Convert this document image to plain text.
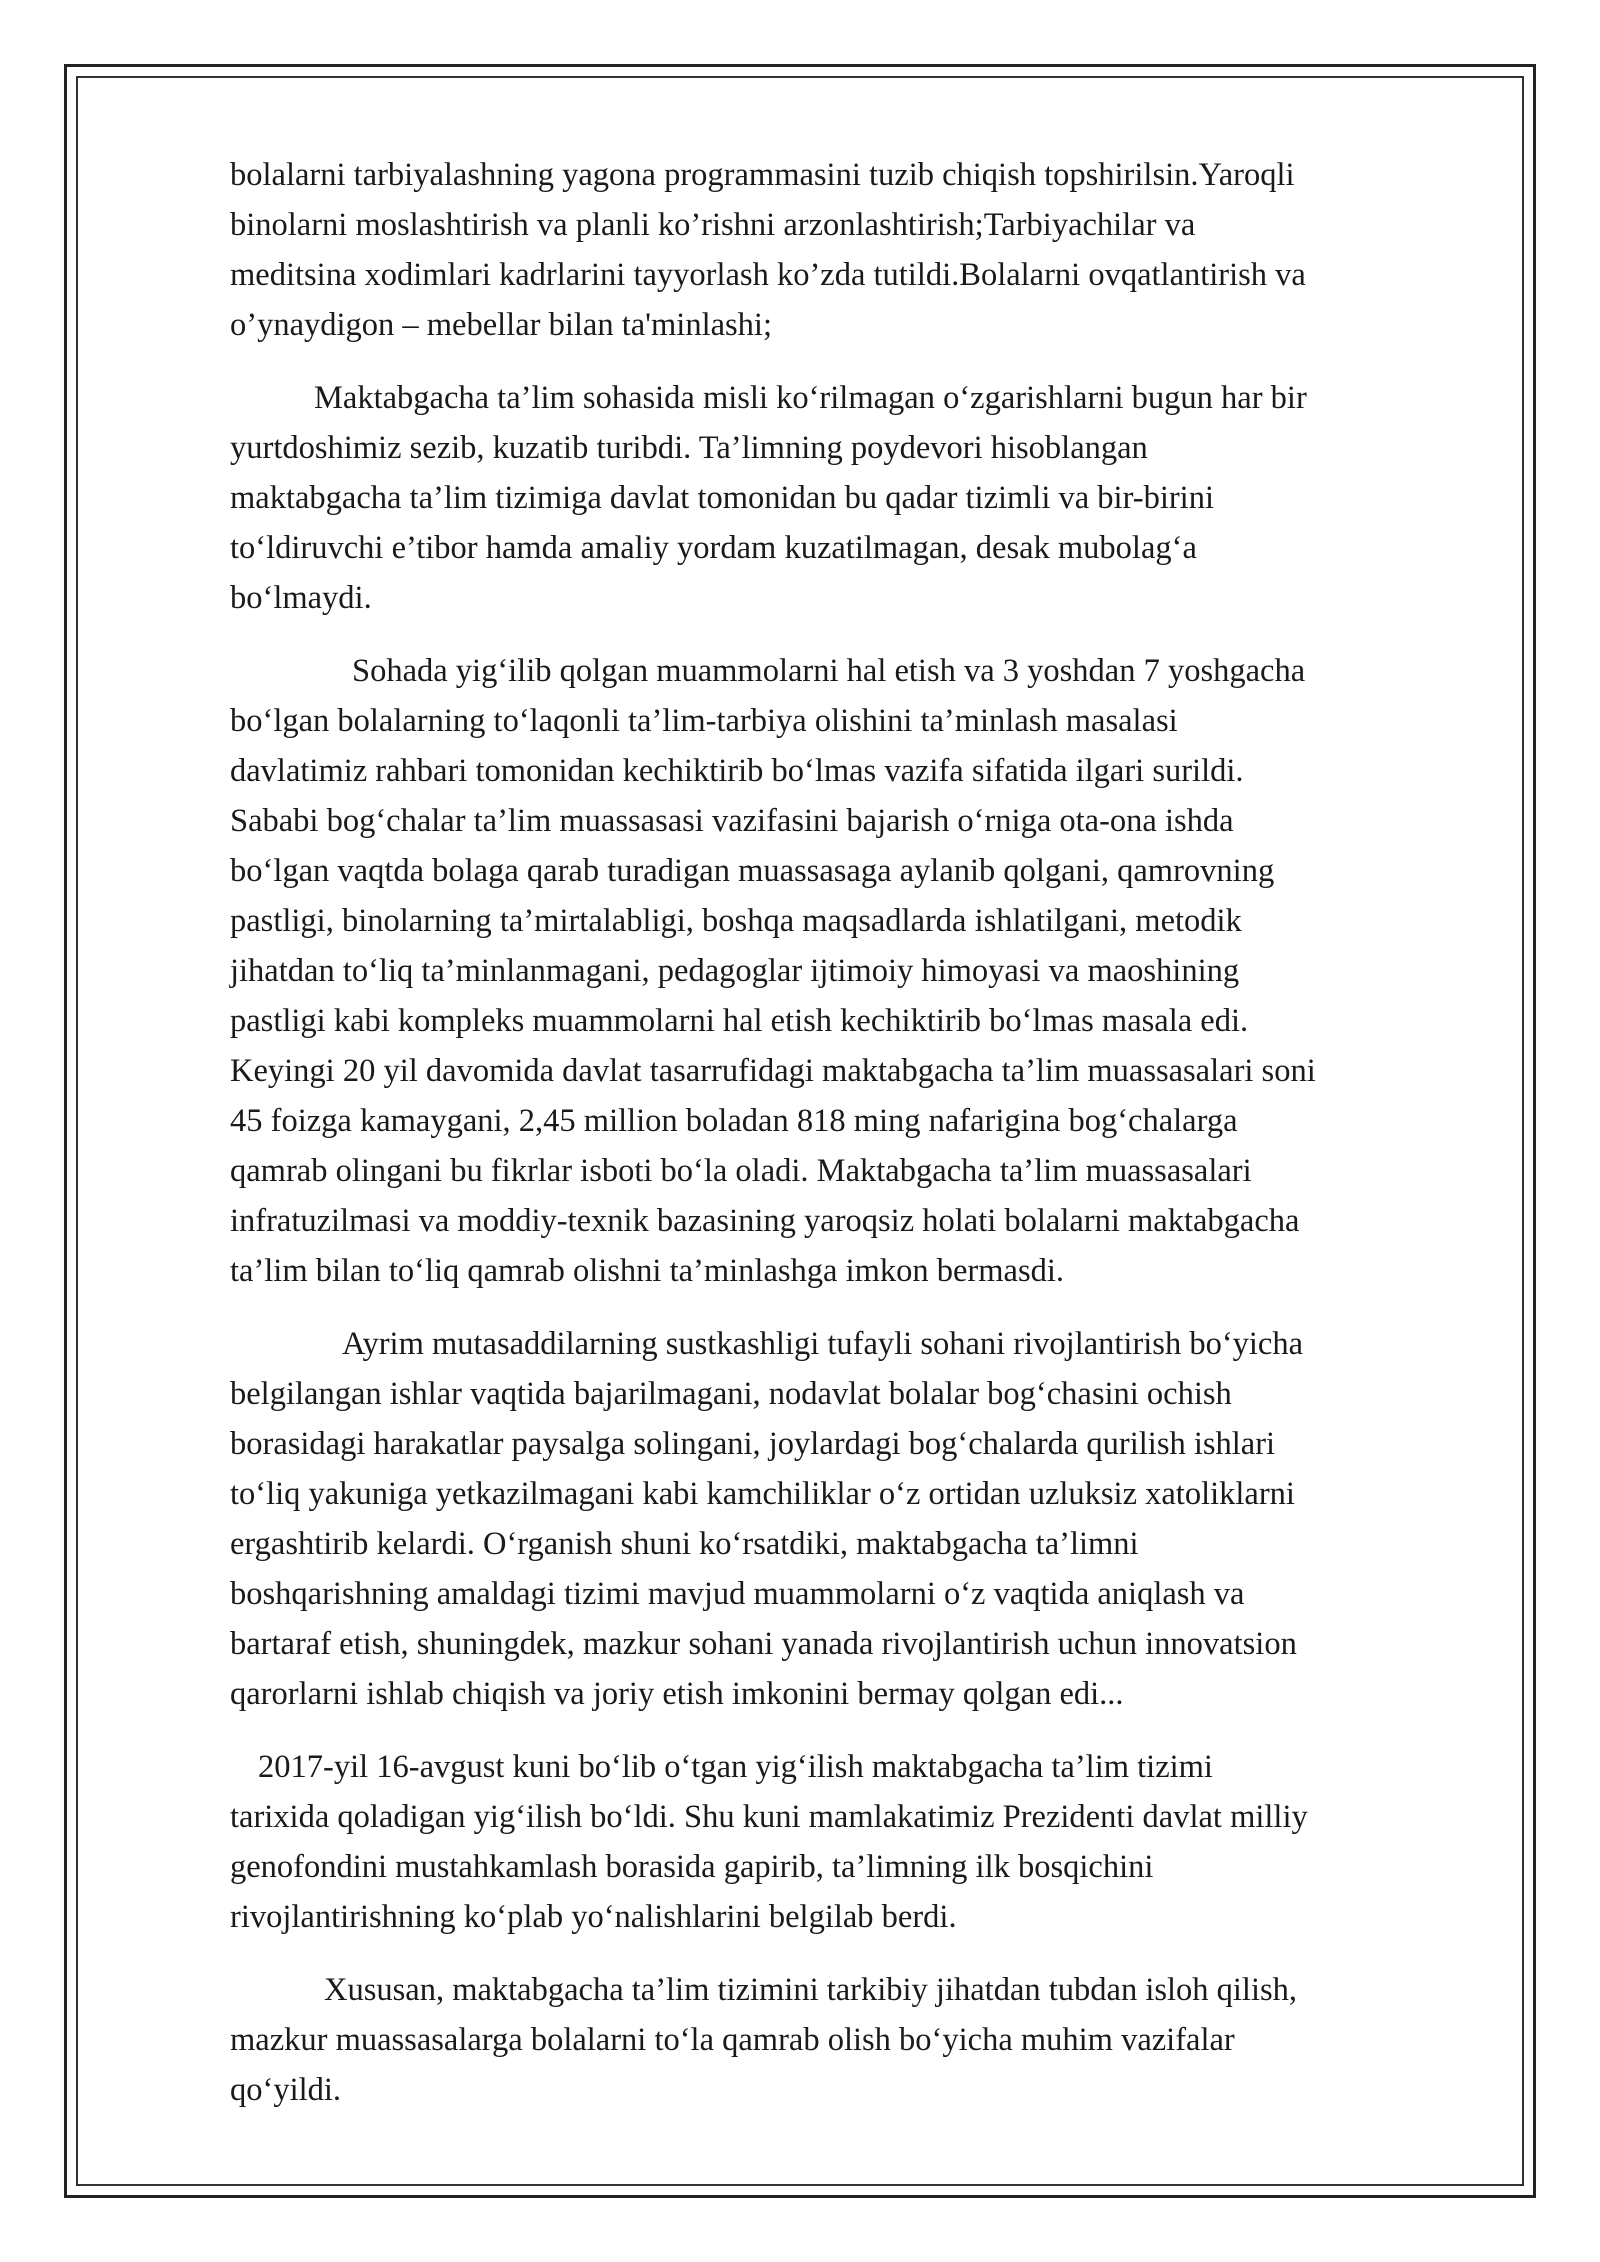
bolalarni tarbiyalashning yagona programmasini tuzib chiqish topshirilsin.Yaroqli
binolarni moslashtirish va planli ko’rishni arzonlashtirish;Tarbiyachilar va
meditsina xodimlari kadrlarini tayyorlash ko’zda tutildi.Bolalarni ovqatlantirish va
o’ynaydigon – mebellar bilan ta'minlashi;

Maktabgacha ta’lim sohasida misli ko‘rilmagan o‘zgarishlarni bugun har bir
yurtdoshimiz sezib, kuzatib turibdi. Ta’limning poydevori hisoblangan
maktabgacha ta’lim tizimiga davlat tomonidan bu qadar tizimli va bir-birini
to‘ldiruvchi e’tibor hamda amaliy yordam kuzatilmagan, desak mubolag‘a
bo‘lmaydi.

Sohada yig‘ilib qolgan muammolarni hal etish va 3 yoshdan 7 yoshgacha
bo‘lgan bolalarning to‘laqonli ta’lim-tarbiya olishini ta’minlash masalasi
davlatimiz rahbari tomonidan kechiktirib bo‘lmas vazifa sifatida ilgari surildi.
Sababi bog‘chalar ta’lim muassasasi vazifasini bajarish o‘rniga ota-ona ishda
bo‘lgan vaqtda bolaga qarab turadigan muassasaga aylanib qolgani, qamrovning
pastligi, binolarning ta’mirtalabligi, boshqa maqsadlarda ishlatilgani, metodik
jihatdan to‘liq ta’minlanmagani, pedagoglar ijtimoiy himoyasi va maoshining
pastligi kabi kompleks muammolarni hal etish kechiktirib bo‘lmas masala edi.
Keyingi 20 yil davomida davlat tasarrufidagi maktabgacha ta’lim muassasalari soni
45 foizga kamaygani, 2,45 million boladan 818 ming nafarigina bog‘chalarga
qamrab olingani bu fikrlar isboti bo‘la oladi. Maktabgacha ta’lim muassasalari
infratuzilmasi va moddiy-texnik bazasining yaroqsiz holati bolalarni maktabgacha
ta’lim bilan to‘liq qamrab olishni ta’minlashga imkon bermasdi.

Ayrim mutasaddilarning sustkashligi tufayli sohani rivojlantirish bo‘yicha
belgilangan ishlar vaqtida bajarilmagani, nodavlat bolalar bog‘chasini ochish
borasidagi harakatlar paysalga solingani, joylardagi bog‘chalarda qurilish ishlari
to‘liq yakuniga yetkazilmagani kabi kamchiliklar o‘z ortidan uzluksiz xatoliklarni
ergashtirib kelardi. O‘rganish shuni ko‘rsatdiki, maktabgacha ta’limni
boshqarishning amaldagi tizimi mavjud muammolarni o‘z vaqtida aniqlash va
bartaraf etish, shuningdek, mazkur sohani yanada rivojlantirish uchun innovatsion
qarorlarni ishlab chiqish va joriy etish imkonini bermay qolgan edi...

2017-yil 16-avgust kuni bo‘lib o‘tgan yig‘ilish maktabgacha ta’lim tizimi
tarixida qoladigan yig‘ilish bo‘ldi. Shu kuni mamlakatimiz Prezidenti davlat milliy
genofondini mustahkamlash borasida gapirib, ta’limning ilk bosqichini
rivojlantirishning ko‘plab yo‘nalishlarini belgilab berdi.

Xususan, maktabgacha ta’lim tizimini tarkibiy jihatdan tubdan isloh qilish,
mazkur muassasalarga bolalarni to‘la qamrab olish bo‘yicha muhim vazifalar
qo‘yildi.
